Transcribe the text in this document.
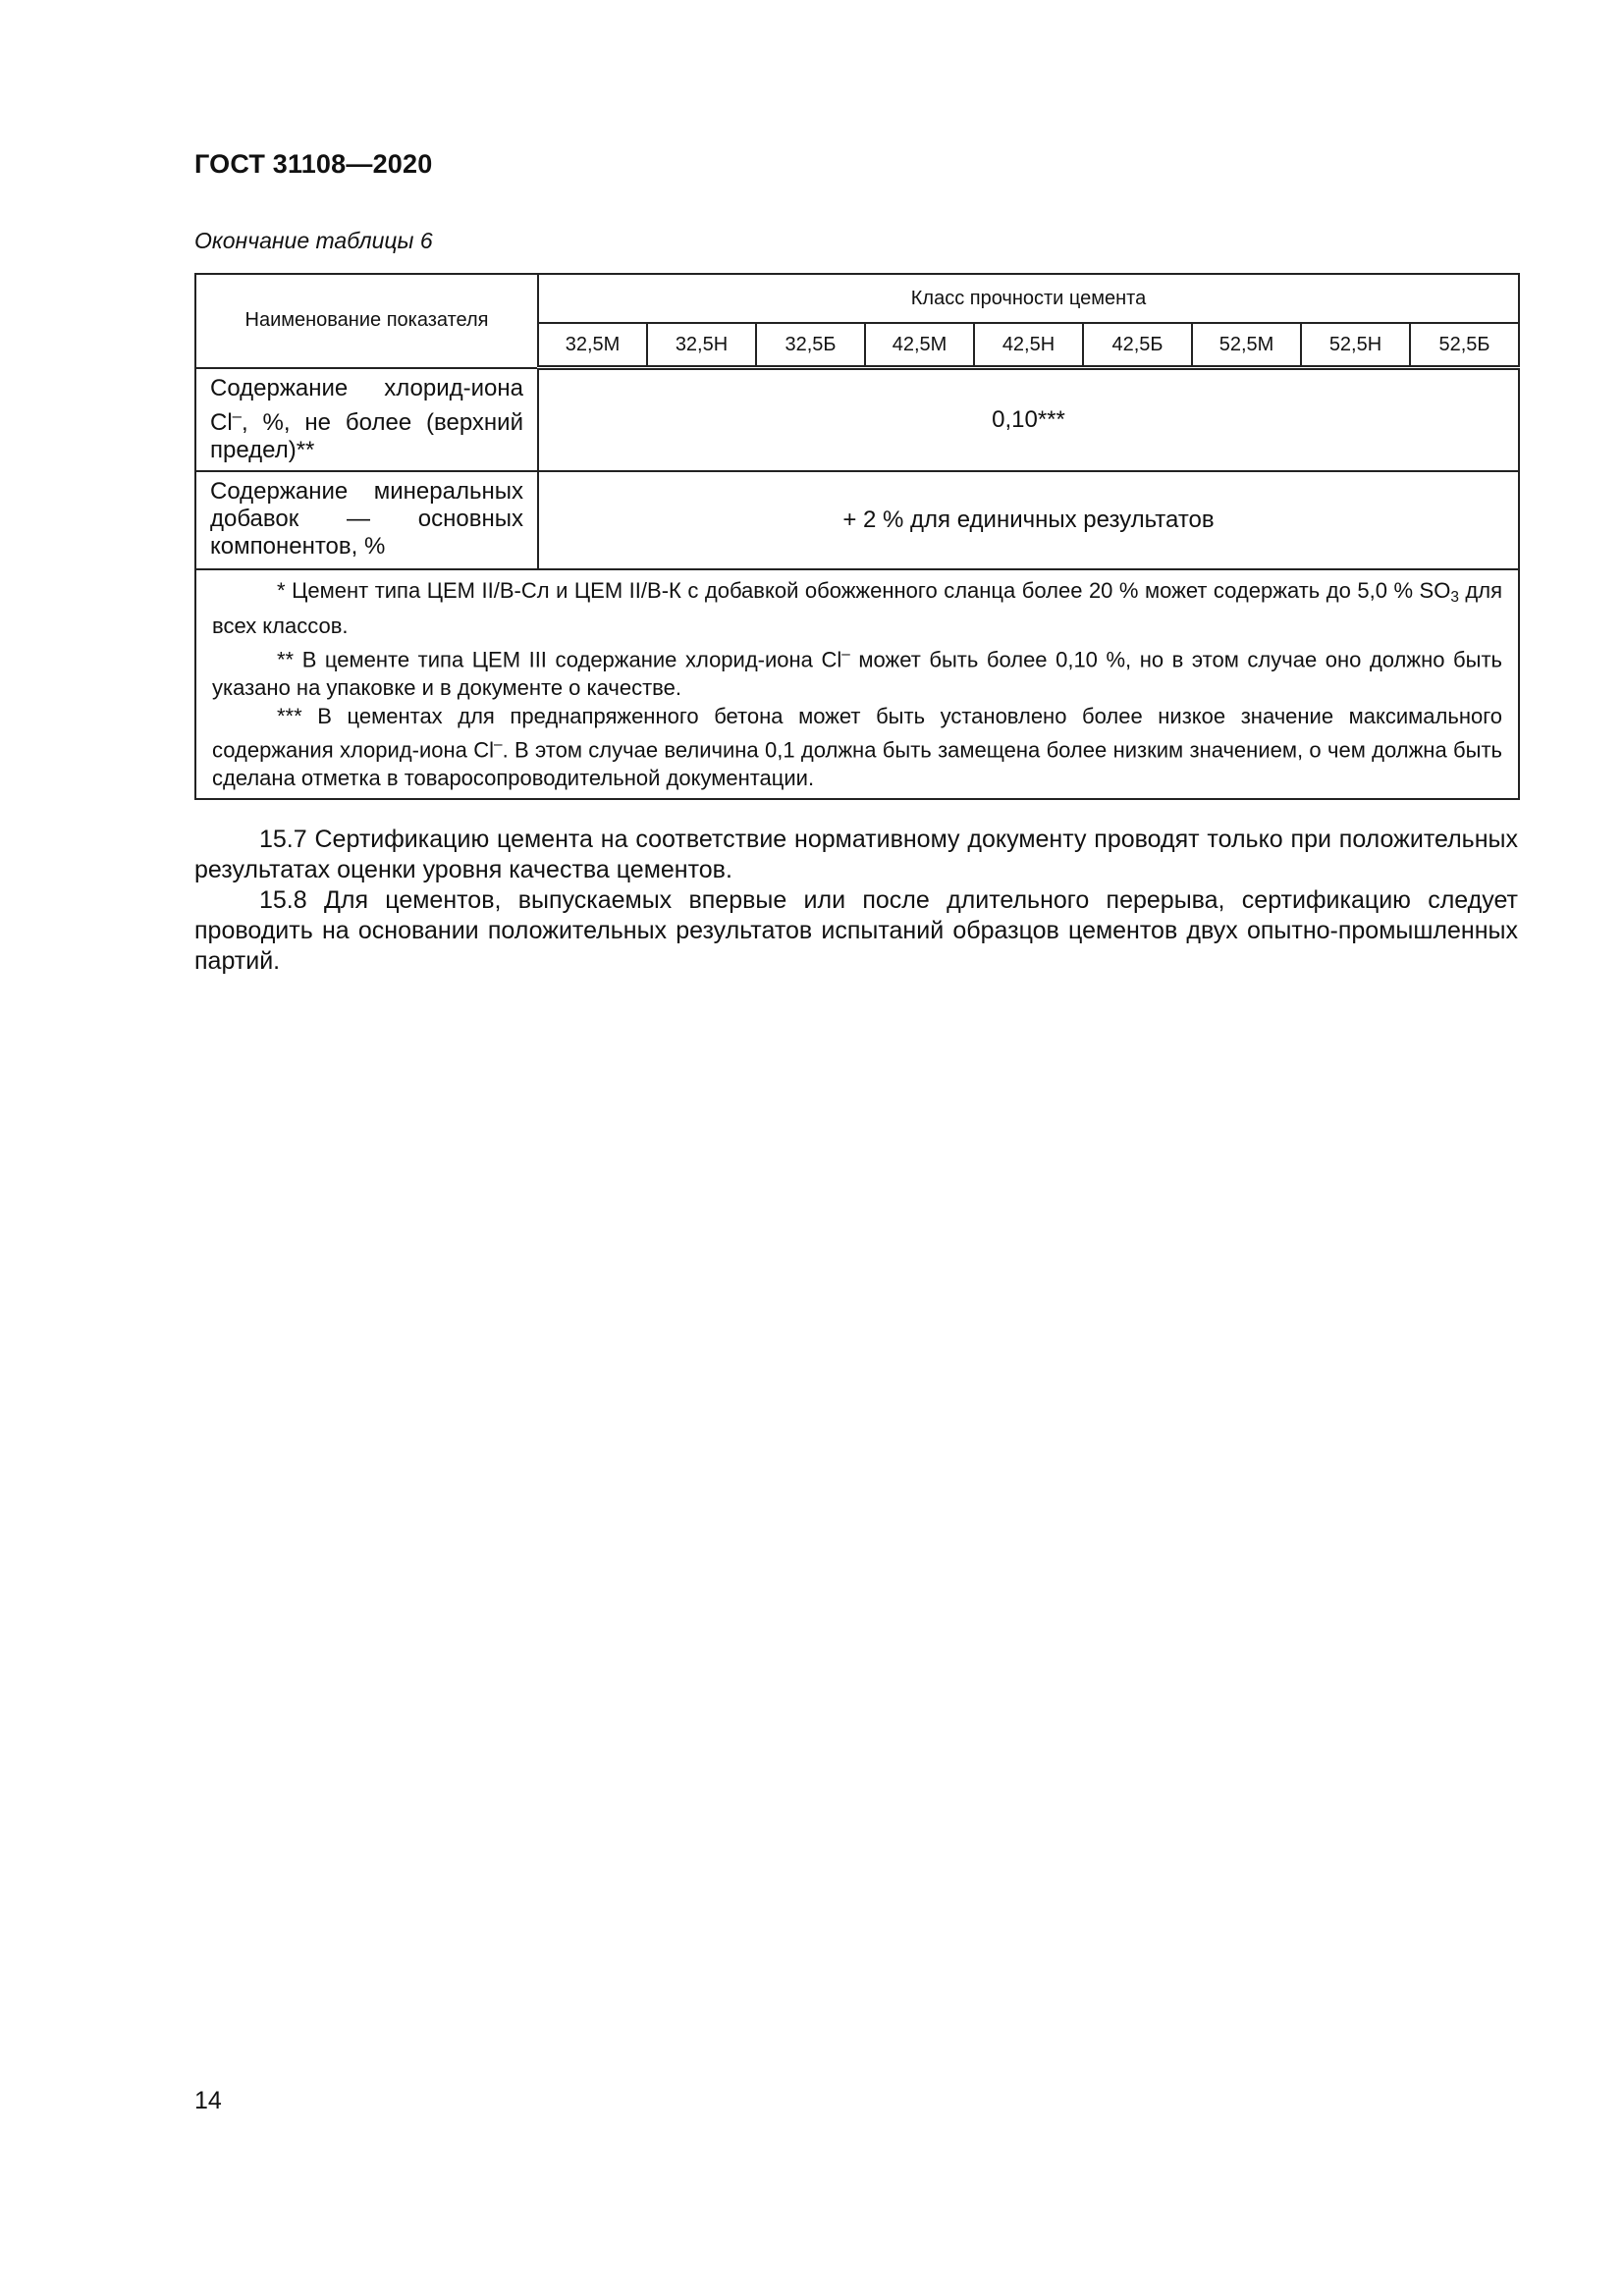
ГОСТ 31108—2020
Окончание таблицы 6
Наименование показателя	Класс прочности цемента								
	32,5М	32,5Н	32,5Б	42,5М	42,5Н	42,5Б	52,5М	52,5Н	52,5Б
Содержание хлорид-иона Cl–, %, не более (верхний предел)**	0,10***								
Содержание минеральных добавок — основных компонентов, %	+ 2 % для единичных результатов								

* Цемент типа ЦЕМ II/В-Сл и ЦЕМ II/В-К с добавкой обожженного сланца более 20 % может содержать до 5,0 % $SO_3$ для всех классов.

** В цементе типа ЦЕМ III содержание хлорид-иона Cl– может быть более 0,10 %, но в этом случае оно должно быть указано на упаковке и в документе о качестве.

*** В цементах для преднапряженного бетона может быть установлено более низкое значение максимального содержания хлорид-иона Cl–. В этом случае величина 0,1 должна быть замещена более низким значением, о чем должна быть сделана отметка в товаросопроводительной документации.									

15.7 Сертификацию цемента на соответствие нормативному документу проводят только при положительных результатах оценки уровня качества цементов.

15.8 Для цементов, выпускаемых впервые или после длительного перерыва, сертификацию следует проводить на основании положительных результатов испытаний образцов цементов двух опытно-промышленных партий.

14
